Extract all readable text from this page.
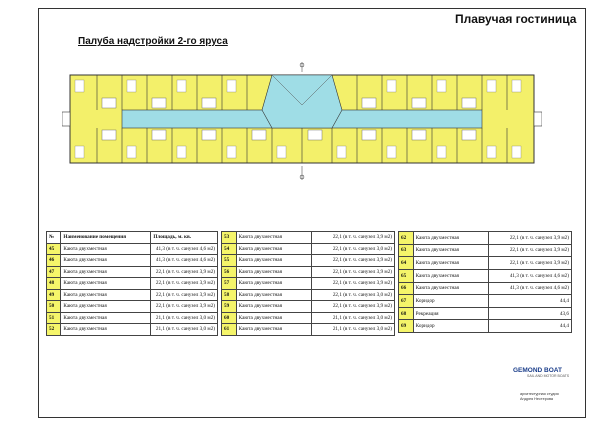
Плавучая гостиница
Палуба надстройки 2-го яруса
№	Наименование помещения	Площадь, м. кв.
45	Каюта двухместная	41,3 (в т. ч. санузел 4,6 м2)
46	Каюта двухместная	41,3 (в т. ч. санузел 4,6 м2)
47	Каюта двухместная	22,1 (в т. ч. санузел 3,9 м2)
48	Каюта двухместная	22,1 (в т. ч. санузел 3,9 м2)
49	Каюта двухместная	22,1 (в т. ч. санузел 3,9 м2)
50	Каюта двухместная	22,1 (в т. ч. санузел 3,9 м2)
51	Каюта двухместная	21,1 (в т. ч. санузел 3,0 м2)
52	Каюта двухместная	21,1 (в т. ч. санузел 3,0 м2)
53	Каюта двухместная	22,1 (в т. ч. санузел 3,9 м2)
54	Каюта двухместная	22,1 (в т. ч. санузел 3,0 м2)
55	Каюта двухместная	22,1 (в т. ч. санузел 3,9 м2)
56	Каюта двухместная	22,1 (в т. ч. санузел 3,9 м2)
57	Каюта двухместная	22,1 (в т. ч. санузел 3,9 м2)
58	Каюта двухместная	22,1 (в т. ч. санузел 3,0 м2)
59	Каюта двухместная	22,1 (в т. ч. санузел 3,9 м2)
60	Каюта двухместная	21,1 (в т. ч. санузел 3,0 м2)
61	Каюта двухместная	21,1 (в т. ч. санузел 3,0 м2)
62	Каюта двухместная	22,1 (в т. ч. санузел 3,9 м2)
63	Каюта двухместная	22,1 (в т. ч. санузел 3,9 м2)
64	Каюта двухместная	22,1 (в т. ч. санузел 3,9 м2)
65	Каюта двухместная	41,3 (в т. ч. санузел 4,6 м2)
66	Каюта двухместная	41,3 (в т. ч. санузел 4,6 м2)
67	Коридор	44,4
68	Рекреация	43,6
69	Коридор	44,4
GEMOND BOAT
SAIL AND MOTOR BOATS
архитектурная студия
Андрея Нестерова
